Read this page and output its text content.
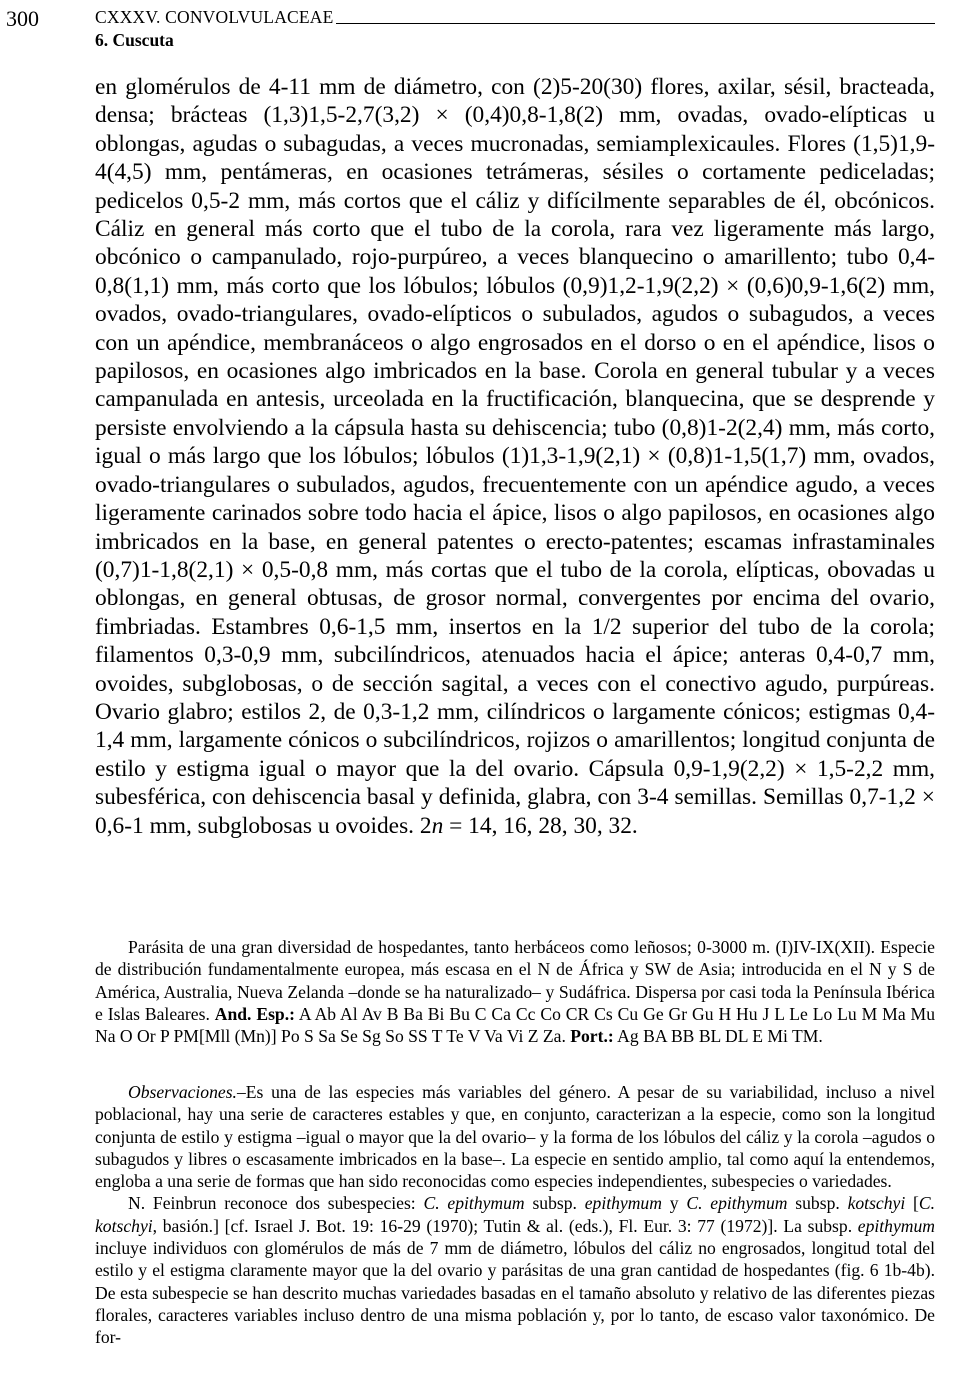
300	CXXXV. CONVOLVULACEAE
6. Cuscuta
en glomérulos de 4-11 mm de diámetro, con (2)5-20(30) flores, axilar, sésil, bracteada, densa; brácteas (1,3)1,5-2,7(3,2) × (0,4)0,8-1,8(2) mm, ovadas, ovado-elípticas u oblongas, agudas o subagudas, a veces mucronadas, semiamplexicaules. Flores (1,5)1,9-4(4,5) mm, pentámeras, en ocasiones tetrámeras, sésiles o cortamente pediceladas; pedicelos 0,5-2 mm, más cortos que el cáliz y difícilmente separables de él, obcónicos. Cáliz en general más corto que el tubo de la corola, rara vez ligeramente más largo, obcónico o campanulado, rojo-purpúreo, a veces blanquecino o amarillento; tubo 0,4-0,8(1,1) mm, más corto que los lóbulos; lóbulos (0,9)1,2-1,9(2,2) × (0,6)0,9-1,6(2) mm, ovados, ovado-triangulares, ovado-elípticos o subulados, agudos o subagudos, a veces con un apéndice, membranáceos o algo engrosados en el dorso o en el apéndice, lisos o papilosos, en ocasiones algo imbricados en la base. Corola en general tubular y a veces campanulada en antesis, urceolada en la fructificación, blanquecina, que se desprende y persiste envolviendo a la cápsula hasta su dehiscencia; tubo (0,8)1-2(2,4) mm, más corto, igual o más largo que los lóbulos; lóbulos (1)1,3-1,9(2,1) × (0,8)1-1,5(1,7) mm, ovados, ovado-triangulares o subulados, agudos, frecuentemente con un apéndice agudo, a veces ligeramente carinados sobre todo hacia el ápice, lisos o algo papilosos, en ocasiones algo imbricados en la base, en general patentes o erecto-patentes; escamas infrastaminales (0,7)1-1,8(2,1) × 0,5-0,8 mm, más cortas que el tubo de la corola, elípticas, obovadas u oblongas, en general obtusas, de grosor normal, convergentes por encima del ovario, fimbriadas. Estambres 0,6-1,5 mm, insertos en la 1/2 superior del tubo de la corola; filamentos 0,3-0,9 mm, subcilíndricos, atenuados hacia el ápice; anteras 0,4-0,7 mm, ovoides, subglobosas, o de sección sagital, a veces con el conectivo agudo, purpúreas. Ovario glabro; estilos 2, de 0,3-1,2 mm, cilíndricos o largamente cónicos; estigmas 0,4-1,4 mm, largamente cónicos o subcilíndricos, rojizos o amarillentos; longitud conjunta de estilo y estigma igual o mayor que la del ovario. Cápsula 0,9-1,9(2,2) × 1,5-2,2 mm, subesférica, con dehiscencia basal y definida, glabra, con 3-4 semillas. Semillas 0,7-1,2 × 0,6-1 mm, subglobosas u ovoides. 2n = 14, 16, 28, 30, 32.

Parásita de una gran diversidad de hospedantes, tanto herbáceos como leñosos; 0-3000 m. (I)IV-IX(XII). Especie de distribución fundamentalmente europea, más escasa en el N de África y SW de Asia; introducida en el N y S de América, Australia, Nueva Zelanda –donde se ha naturalizado– y Sudáfrica. Dispersa por casi toda la Península Ibérica e Islas Baleares. And. Esp.: A Ab Al Av B Ba Bi Bu C Ca Cc Co CR Cs Cu Ge Gr Gu H Hu J L Le Lo Lu M Ma Mu Na O Or P PM[Mll (Mn)] Po S Sa Se Sg So SS T Te V Va Vi Z Za. Port.: Ag BA BB BL DL E Mi TM.

Observaciones.–Es una de las especies más variables del género. A pesar de su variabilidad, incluso a nivel poblacional, hay una serie de caracteres estables y que, en conjunto, caracterizan a la especie, como son la longitud conjunta de estilo y estigma –igual o mayor que la del ovario– y la forma de los lóbulos del cáliz y la corola –agudos o subagudos y libres o escasamente imbricados en la base–. La especie en sentido amplio, tal como aquí la entendemos, engloba a una serie de formas que han sido reconocidas como especies independientes, subespecies o variedades.

N. Feinbrun reconoce dos subespecies: C. epithymum subsp. epithymum y C. epithymum subsp. kotschyi [C. kotschyi, basión.] [cf. Israel J. Bot. 19: 16-29 (1970); Tutin & al. (eds.), Fl. Eur. 3: 77 (1972)]. La subsp. epithymum incluye individuos con glomérulos de más de 7 mm de diámetro, lóbulos del cáliz no engrosados, longitud total del estilo y el estigma claramente mayor que la del ovario y parásitas de una gran cantidad de hospedantes (fig. 6 1b-4b). De esta subespecie se han descrito muchas variedades basadas en el tamaño absoluto y relativo de las diferentes piezas florales, caracteres variables incluso dentro de una misma población y, por lo tanto, de escaso valor taxonómico. De for-
